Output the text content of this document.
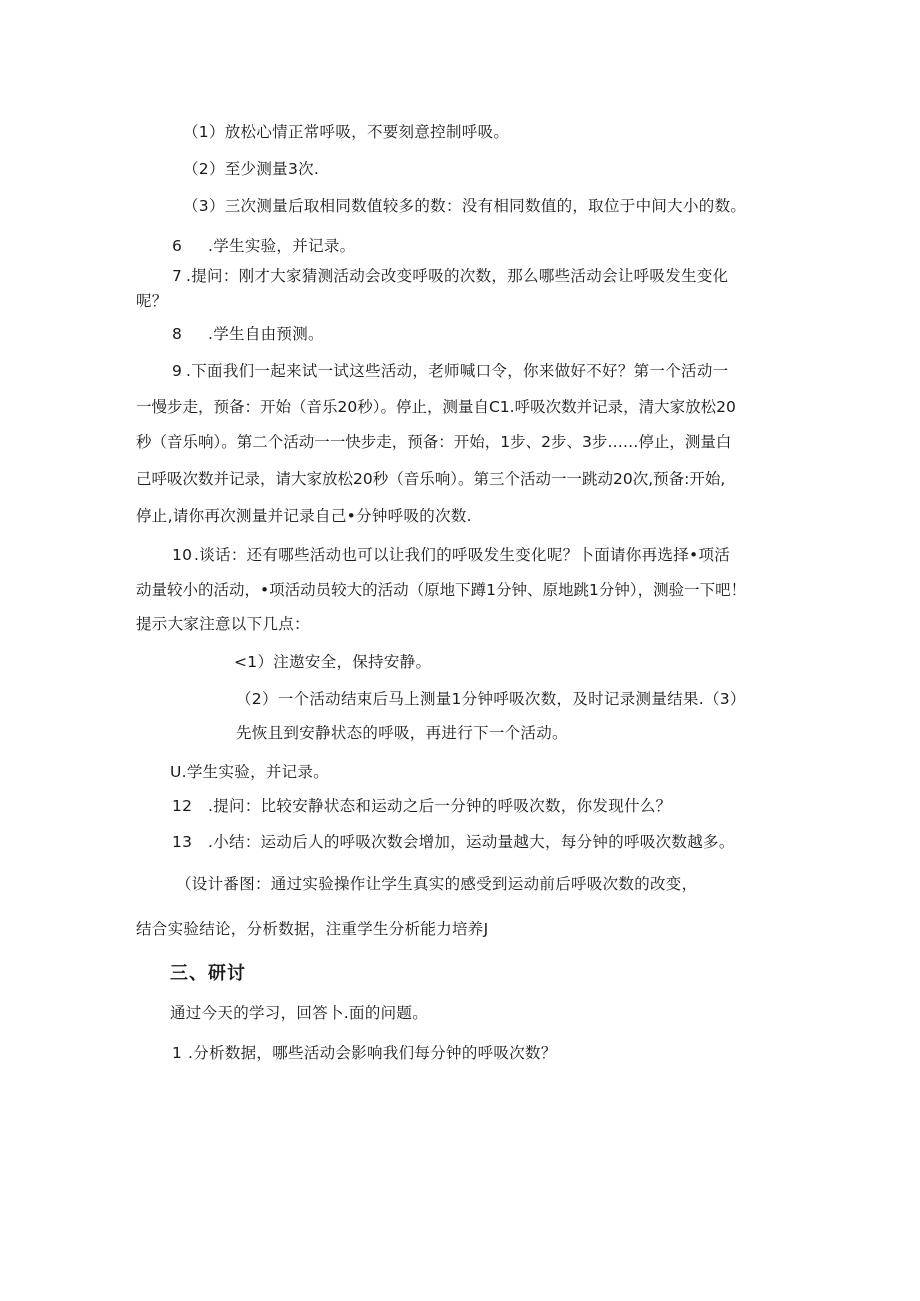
（1）放松心情正常呼吸，不要刻意控制呼吸。

（2）至少测量3次.

（3）三次测量后取相同数值较多的数：没有相同数值的，取位于中间大小的数。

6 .学生实验，并记录。

7 .提问：刚才大家猜测活动会改变呼吸的次数，那么哪些活动会让呼吸发生变化

呢？

8 .学生自由预测。

9 .下面我们一起来试一试这些活动，老师喊口令，你来做好不好？第一个活动一

一慢步走，预备：开始（音乐20秒）。停止，测量自C1.呼吸次数并记录，清大家放松20

秒（音乐响）。第二个活动一一快步走，预备：开始，1步、2步、3步……停止，测量白

己呼吸次数并记录，请大家放松20秒（音乐响）。第三个活动一一跳动20次,预备:开始,

停止,请你再次测量并记录自己•分钟呼吸的次数.

10 .谈话：还有哪些活动也可以让我们的呼吸发生变化呢？卜面请你再选择•项活

动量较小的活动，•项活动员较大的活动（原地下蹲1分钟、原地跳1分钟），测验一下吧！

提示大家注意以下几点：

<1）注遨安全，保持安静。

（2）一个活动结束后马上测量1分钟呼吸次数，及时记录测量结果.（3）

先恢且到安静状态的呼吸，再进行下一个活动。

U.学生实验，并记录。

12 .提问：比较安静状态和运动之后一分钟的呼吸次数，你发现什么？

13 .小结：运动后人的呼吸次数会增加，运动量越大，每分钟的呼吸次数越多。

（设计番图：通过实验操作让学生真实的感受到运动前后呼吸次数的改变，

结合实验结论，分析数据，注重学生分析能力培养J

三、研讨

通过今天的学习，回答卜.面的问题。

1 .分析数据，哪些活动会影响我们每分钟的呼吸次数？
